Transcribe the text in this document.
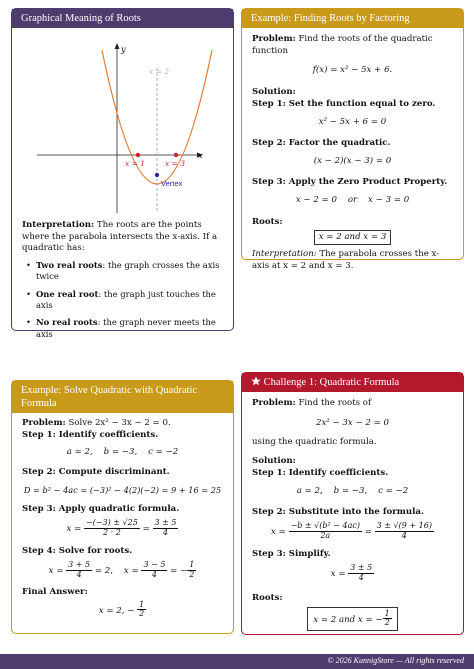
Graphical Meaning of Roots
y
x
x = 2
x = 1	x = 3
Vertex
Interpretation: The roots are the points where the parabola intersects the x-axis. If a quadratic has:
• Two real roots: the graph crosses the axis twice
• One real root: the graph just touches the axis
• No real roots: the graph never meets the axis
Example: Finding Roots by Factoring
Problem: Find the roots of the quadratic function
f(x) = x² − 5x + 6.
Solution:
Step 1: Set the function equal to zero.
x² − 5x + 6 = 0
Step 2: Factor the quadratic.
(x − 2)(x − 3) = 0
Step 3: Apply the Zero Product Property.
x − 2 = 0    or    x − 3 = 0
Roots:
x = 2 and x = 3
Interpretation: The parabola crosses the x-axis at x = 2 and x = 3.
Example: Solve Quadratic with Quadratic Formula
Problem: Solve 2x² − 3x − 2 = 0.
Step 1: Identify coefficients.
a = 2,    b = −3,    c = −2
Step 2: Compute discriminant.
D = b² − 4ac = (−3)² − 4(2)(−2) = 9 + 16 = 25
Step 3: Apply quadratic formula.
$x = \frac{-(-3) \pm √25}{2 \cdot 2} = \frac{3 \pm 5}{4}$
Step 4: Solve for roots.
$x = \frac{3 + 5}{4} = 2$, $x = \frac{3 - 5}{4}$ = − $\frac{1}{2}$
Final Answer:
x = 2, − $\frac{1}{2}$
Challenge 1: Quadratic Formula
Problem: Find the roots of
2x² − 3x − 2 = 0
using the quadratic formula.
Solution:
Step 1: Identify coefficients.
a = 2,    b = −3,    c = −2
Step 2: Substitute into the formula.
$x = \frac{\text{−b ± √(b² − 4ac)}}{2a} = \frac{3 \pm √(9 + 16)}{4}$
Step 3: Simplify.
$x = \frac{3 \pm 5}{4}$
Roots:
x = 2 and x = − $\frac{1}{2}$
© 2026 KunnigStore — All rights reserved
